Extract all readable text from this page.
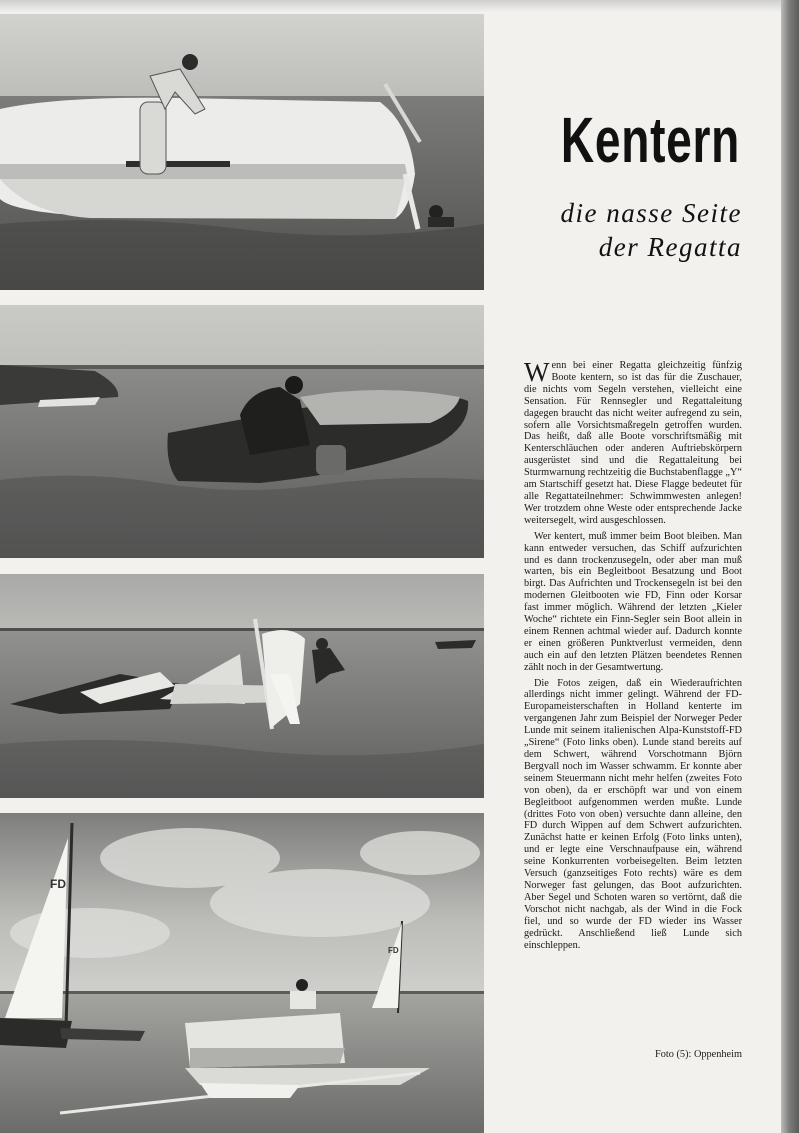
FD
FD
Kentern
die nasse Seite
der Regatta

Wenn bei einer Regatta gleichzeitig fünfzig Boote kentern, so ist das für die Zuschauer, die nichts vom Segeln verstehen, vielleicht eine Sensation. Für Rennsegler und Regattaleitung dagegen braucht das nicht weiter aufregend zu sein, sofern alle Vorsichtsmaßregeln getroffen wurden. Das heißt, daß alle Boote vorschriftsmäßig mit Kenterschläuchen oder anderen Auftriebskörpern ausgerüstet sind und die Regattaleitung bei Sturmwarnung rechtzeitig die Buchstabenflagge „Y“ am Startschiff gesetzt hat. Diese Flagge bedeutet für alle Regattateilnehmer: Schwimmwesten anlegen! Wer trotzdem ohne Weste oder entsprechende Jacke weitersegelt, wird ausgeschlossen.

Wer kentert, muß immer beim Boot bleiben. Man kann entweder versuchen, das Schiff aufzurichten und es dann trockenzusegeln, oder aber man muß warten, bis ein Begleitboot Besatzung und Boot birgt. Das Aufrichten und Trockensegeln ist bei den modernen Gleitbooten wie FD, Finn oder Korsar fast immer möglich. Während der letzten „Kieler Woche“ richtete ein Finn-Segler sein Boot allein in einem Rennen achtmal wieder auf. Dadurch konnte er einen größeren Punktverlust vermeiden, denn auch ein auf den letzten Plätzen beendetes Rennen zählt noch in der Gesamtwertung.

Die Fotos zeigen, daß ein Wiederaufrichten allerdings nicht immer gelingt. Während der FD-Europameisterschaften in Holland kenterte im vergangenen Jahr zum Beispiel der Norweger Peder Lunde mit seinem italienischen Alpa-Kunststoff-FD „Sirene“ (Foto links oben). Lunde stand bereits auf dem Schwert, während Vorschotmann Björn Bergvall noch im Wasser schwamm. Er konnte aber seinem Steuermann nicht mehr helfen (zweites Foto von oben), da er erschöpft war und von einem Begleitboot aufgenommen werden mußte. Lunde (drittes Foto von oben) versuchte dann alleine, den FD durch Wippen auf dem Schwert aufzurichten. Zunächst hatte er keinen Erfolg (Foto links unten), und er legte eine Verschnaufpause ein, während seine Konkurrenten vorbeisegelten. Beim letzten Versuch (ganzseitiges Foto rechts) wäre es dem Norweger fast gelungen, das Boot aufzurichten. Aber Segel und Schoten waren so vertörnt, daß die Vorschot nicht nachgab, als der Wind in die Fock fiel, und so wurde der FD wieder ins Wasser gedrückt. Anschließend ließ Lunde sich einschleppen.

Foto (5): Oppenheim
